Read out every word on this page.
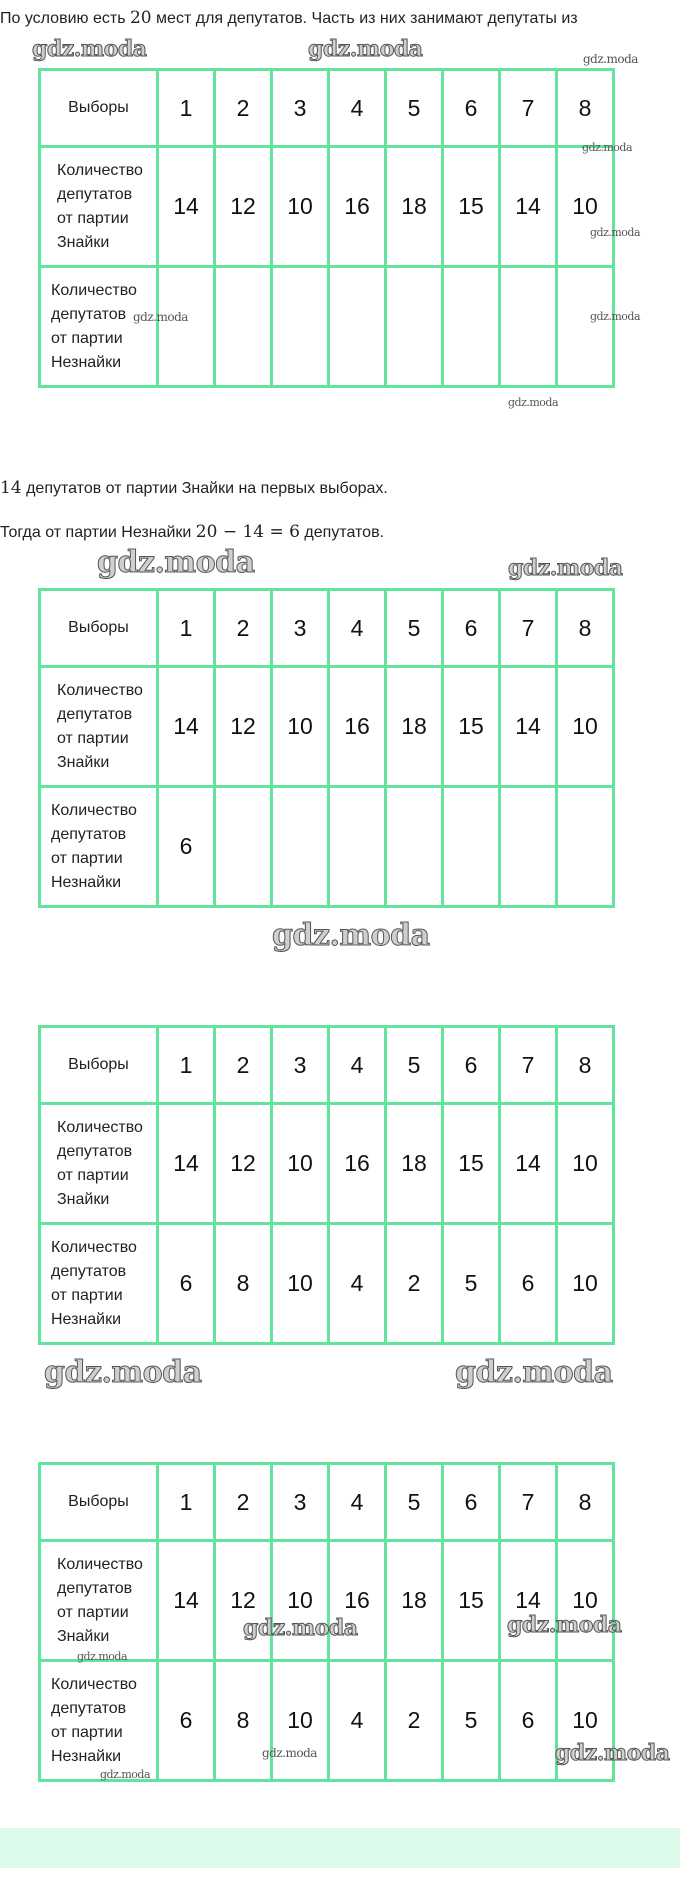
По условию есть 20 мест для депутатов. Часть из них занимают депутаты из
Выборы	1	2	3	4	5	6	7	8
Количество
депутатов
от партии
Знайки	14	12	10	16	18	15	14	10
Количество
депутатов
от партии
Незнайки								
14 депутатов от партии Знайки на первых выборах.
Тогда от партии Незнайки 20 − 14 = 6 депутатов.
Выборы	1	2	3	4	5	6	7	8
Количество
депутатов
от партии
Знайки	14	12	10	16	18	15	14	10
Количество
депутатов
от партии
Незнайки	6							
Выборы	1	2	3	4	5	6	7	8
Количество
депутатов
от партии
Знайки	14	12	10	16	18	15	14	10
Количество
депутатов
от партии
Незнайки	6	8	10	4	2	5	6	10
Выборы	1	2	3	4	5	6	7	8
Количество
депутатов
от партии
Знайки	14	12	10	16	18	15	14	10
Количество
депутатов
от партии
Незнайки	6	8	10	4	2	5	6	10
gdz.moda	gdz.moda	gdz.moda
gdz.moda
gdz.moda
gdz.moda	gdz.moda
gdz.moda
gdz.moda	gdz.moda
gdz.moda
gdz.moda	gdz.moda
gdz.moda	gdz.moda
gdz.moda
gdz.moda	gdz.moda
gdz.moda
